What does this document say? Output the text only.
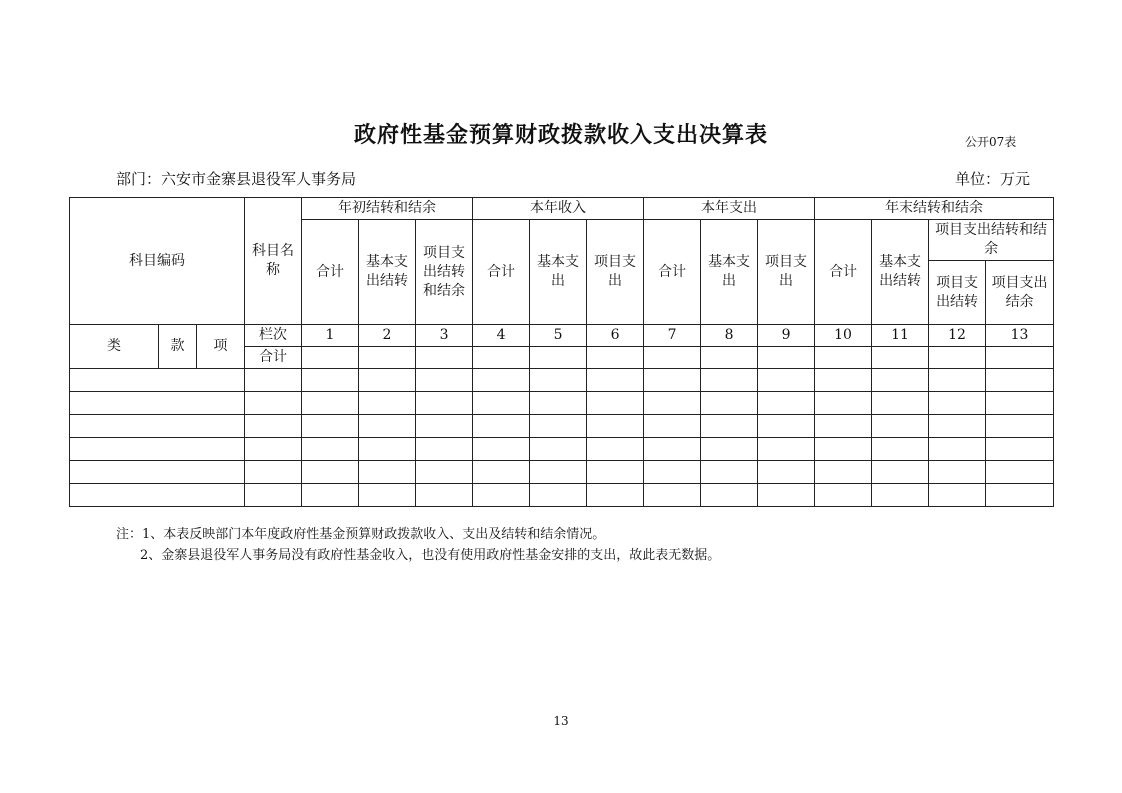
政府性基金预算财政拨款收入支出决算表	公开07表
部门：六安市金寨县退役军人事务局	单位：万元
科目编码			科目名称	年初结转和结余			本年收入			本年支出			年末结转和结余			
				合计	基本支出结转	项目支出结转和结余	合计	基本支出	项目支出	合计	基本支出	项目支出	合计	基本支出结转	项目支出结转和结余	
															项目支出结转	项目支出结余
类	款	项	栏次	1	2	3	4	5	6	7	8	9	10	11	12	13
			合计													

注：1、本表反映部门本年度政府性基金预算财政拨款收入、支出及结转和结余情况。
2、金寨县退役军人事务局没有政府性基金收入，也没有使用政府性基金安排的支出，故此表无数据。
13
